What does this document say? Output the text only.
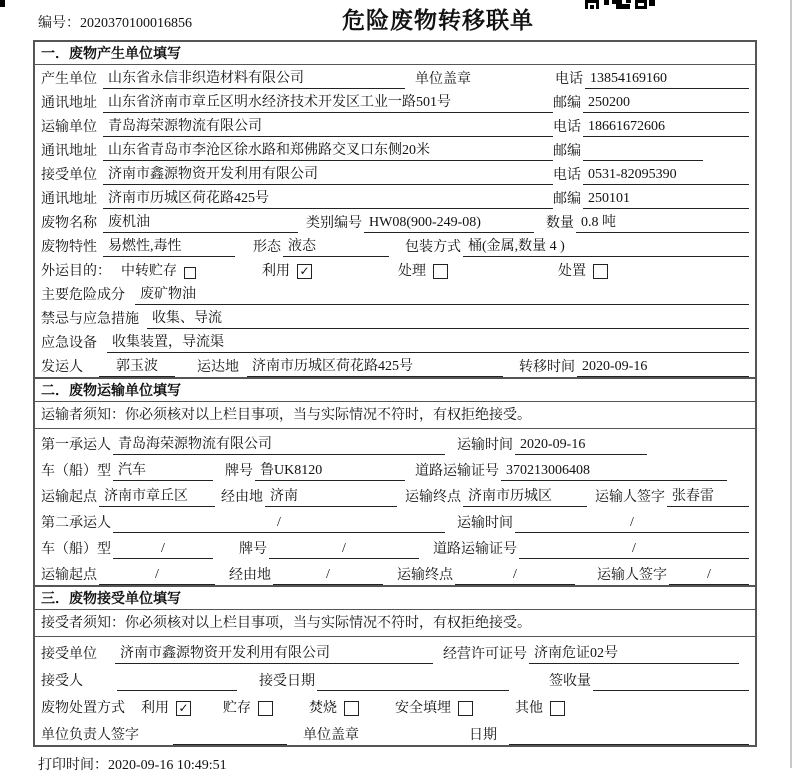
编号：2020370100016856	危险废物转移联单
一．废物产生单位填写
产生单位 山东省永信非织造材料有限公司	单位盖章	电话 13854169160
通讯地址 山东省济南市章丘区明水经济技术开发区工业一路501号	邮编 250200
运输单位 青岛海荣源物流有限公司	电话 18661672606
通讯地址 山东省青岛市李沧区徐水路和郑佛路交叉口东侧20米	邮编
接受单位 济南市鑫源物资开发利用有限公司	电话 0531-82095390
通讯地址 济南市历城区荷花路425号	邮编 250101
废物名称 废机油	类别编号 HW08(900-249-08)	数量 0.8 吨
废物特性 易燃性,毒性	形态 液态	包装方式 桶(金属,数量 4 )
外运目的： 中转贮存	利用 ✓	处理	处置
主要危险成分	废矿物油
禁忌与应急措施 收集、导流
应急设备	收集装置，导流渠
发运人	郭玉波	运达地 济南市历城区荷花路425号	转移时间 2020-09-16
二．废物运输单位填写
运输者须知：你必须核对以上栏目事项，当与实际情况不符时，有权拒绝接受。
第一承运人 青岛海荣源物流有限公司	运输时间 2020-09-16
车（船）型 汽车	牌号 鲁UK8120	道路运输证号 370213006408
运输起点 济南市章丘区	经由地 济南	运输终点 济南市历城区	运输人签字 张春雷
第二承运人	/	运输时间	/
车（船）型	/	牌号	/	道路运输证号	/
运输起点	/	经由地	/	运输终点	/	运输人签字	/
三．废物接受单位填写
接受者须知：你必须核对以上栏目事项，当与实际情况不符时，有权拒绝接受。
接受单位	济南市鑫源物资开发利用有限公司	经营许可证号 济南危证02号
接受人	接受日期	签收量
废物处置方式 利用 ✓ 贮存	焚烧	安全填埋	其他
单位负责人签字	单位盖章	日期
打印时间：2020-09-16 10:49:51
